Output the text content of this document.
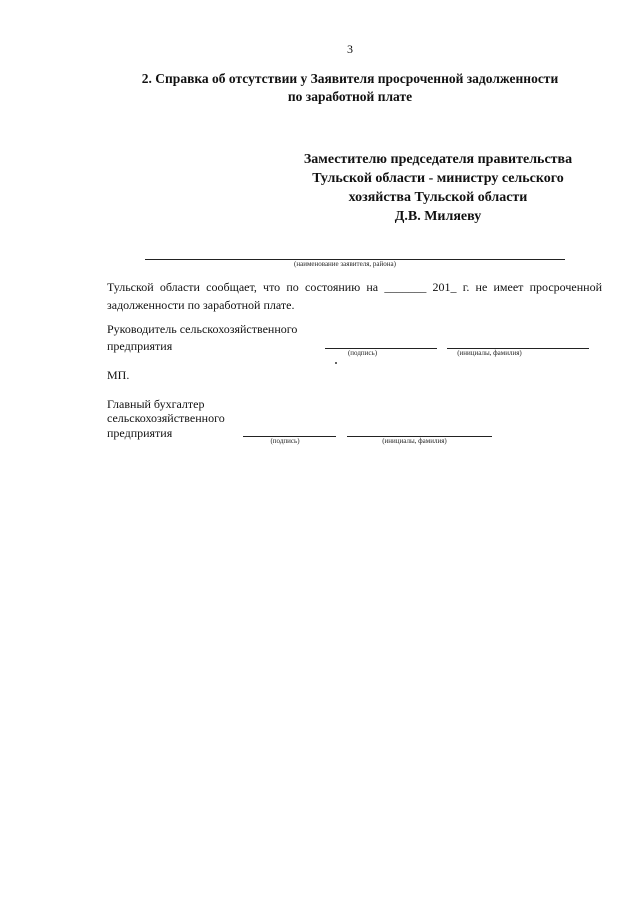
3
2. Справка об отсутствии у Заявителя просроченной задолженности
по заработной плате
Заместителю председателя правительства
Тульской области - министру сельского
хозяйства Тульской области
Д.В. Миляеву
(наименование заявителя, района)
Тульской области сообщает, что по состоянию на _______ 201_ г. не имеет просроченной задолженности по заработной плате.
Руководитель сельскохозяйственного
предприятия	(подпись)	(инициалы, фамилия)
МП.
Главный бухгалтер
сельскохозяйственного
предприятия
(подпись)	(инициалы, фамилия)
